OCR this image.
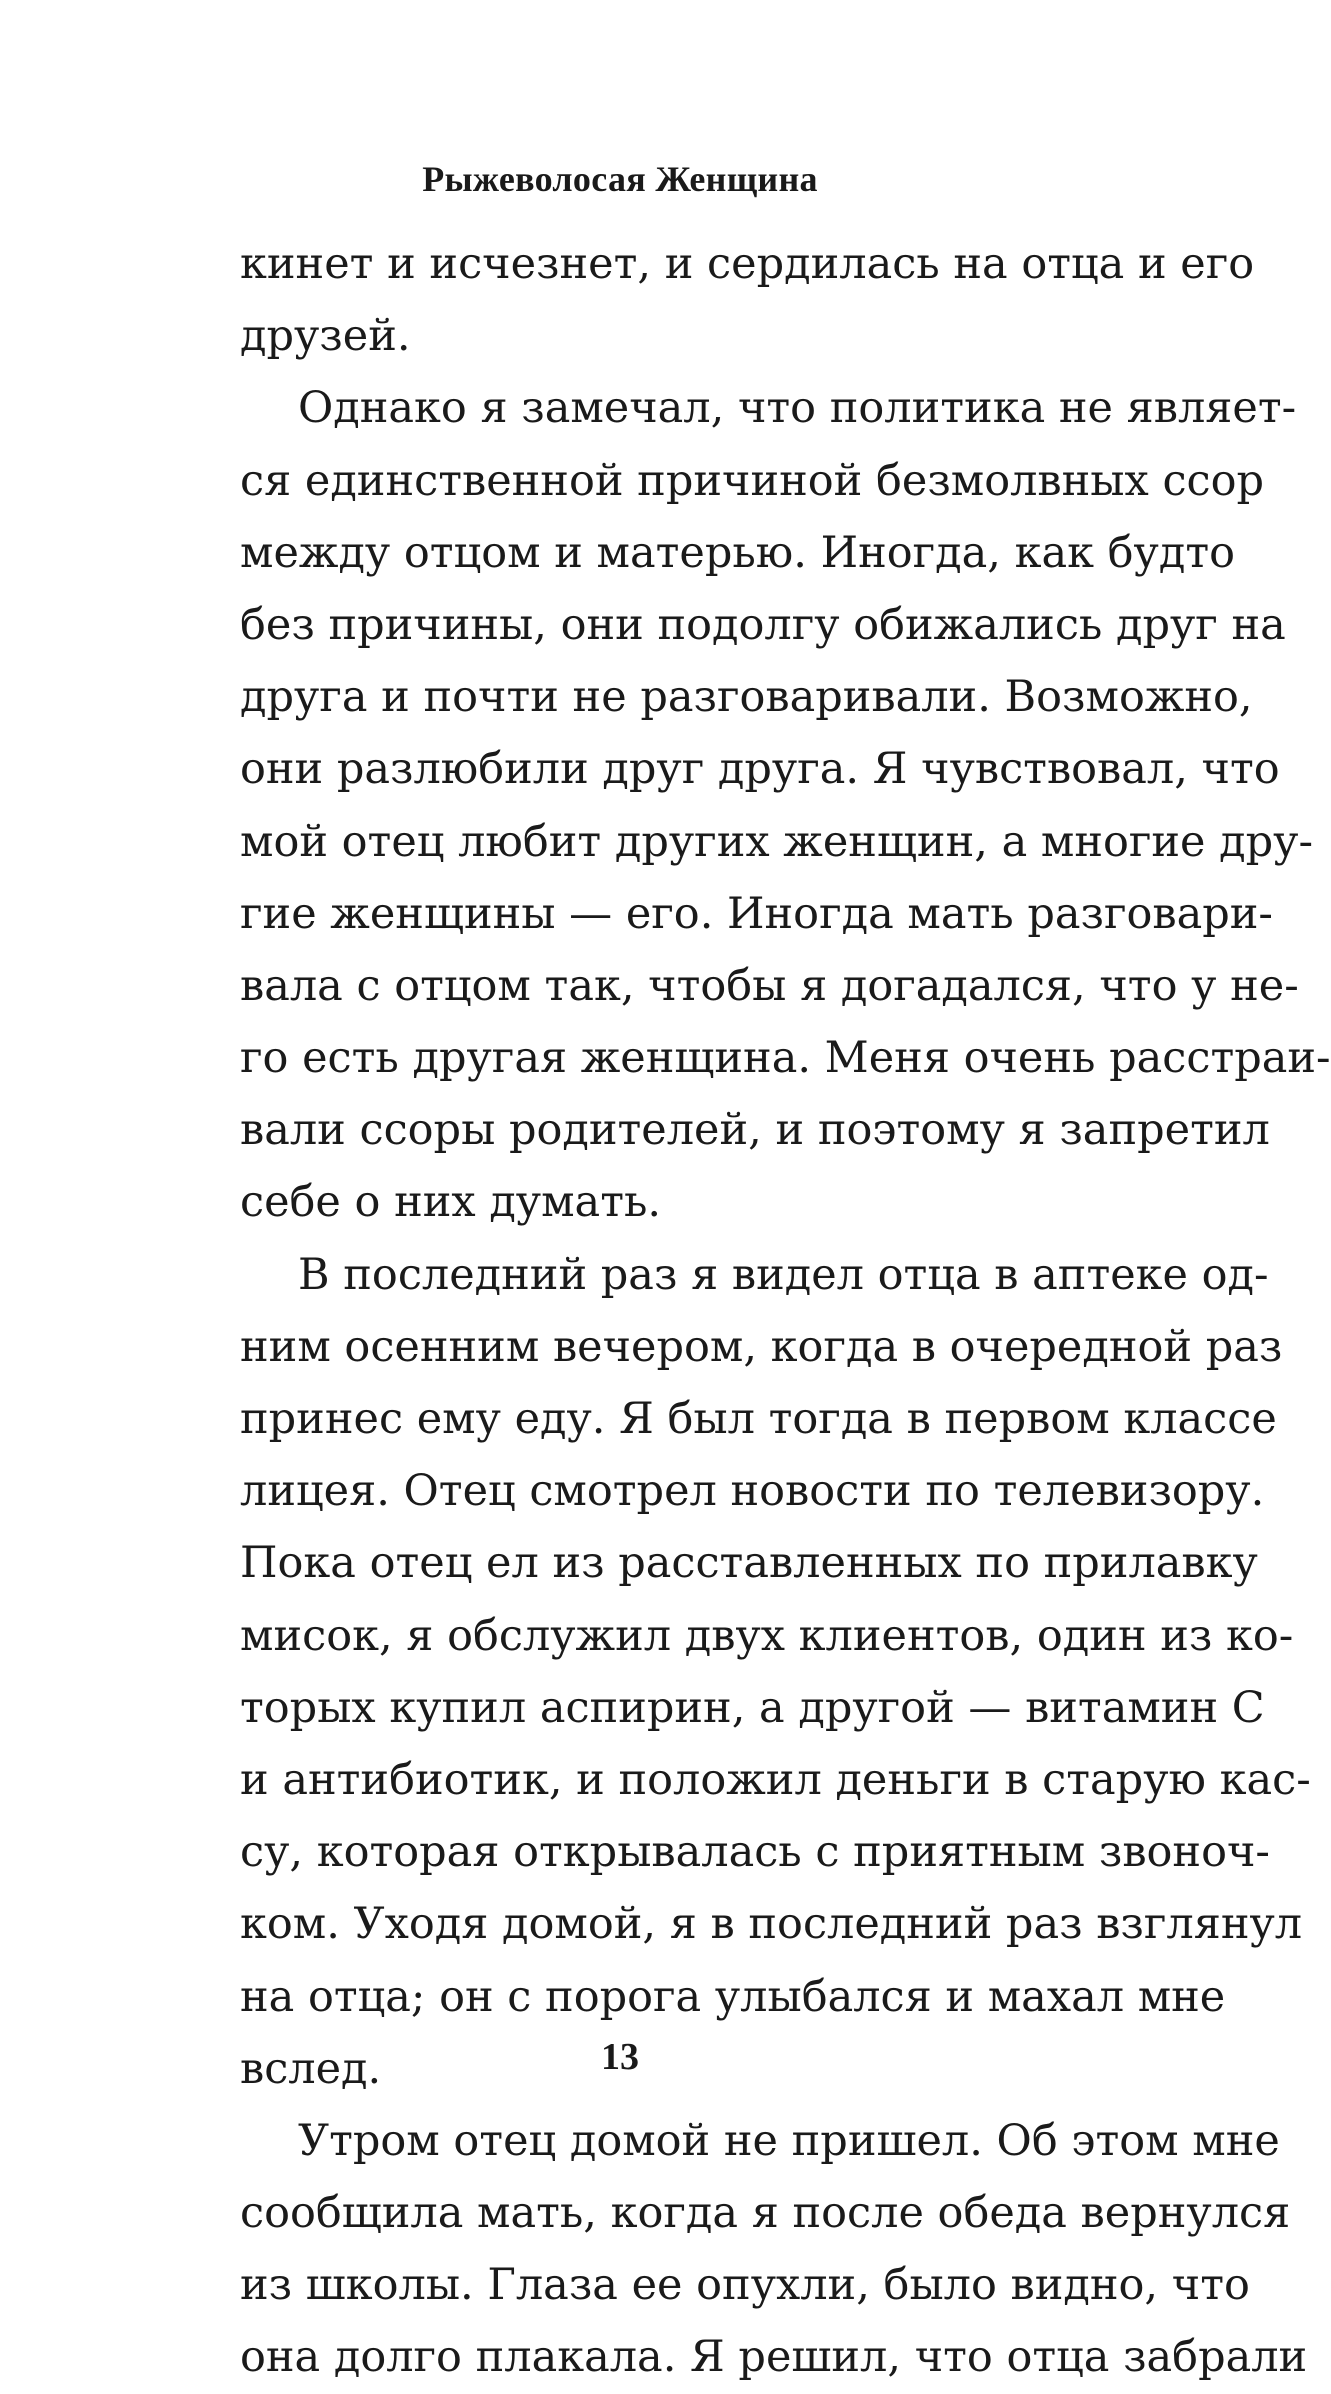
Рыжеволосая Женщина
кинет и исчезнет, и сердилась на отца и его
друзей.
Однако я замечал, что политика не являет-
ся единственной причиной безмолвных ссор
между отцом и матерью. Иногда, как будто
без причины, они подолгу обижались друг на
друга и почти не разговаривали. Возможно,
они разлюбили друг друга. Я чувствовал, что
мой отец любит других женщин, а многие дру-
гие женщины — его. Иногда мать разговари-
вала с отцом так, чтобы я догадался, что у не-
го есть другая женщина. Меня очень расстраи-
вали ссоры родителей, и поэтому я запретил
себе о них думать.
В последний раз я видел отца в аптеке од-
ним осенним вечером, когда в очередной раз
принес ему еду. Я был тогда в первом классе
лицея. Отец смотрел новости по телевизору.
Пока отец ел из расставленных по прилавку
мисок, я обслужил двух клиентов, один из ко-
торых купил аспирин, а другой — витамин С
и антибиотик, и положил деньги в старую кас-
су, которая открывалась с приятным звоноч-
ком. Уходя домой, я в последний раз взглянул
на отца; он с порога улыбался и махал мне
вслед.
Утром отец домой не пришел. Об этом мне
сообщила мать, когда я после обеда вернулся
из школы. Глаза ее опухли, было видно, что
она долго плакала. Я решил, что отца забрали
13
